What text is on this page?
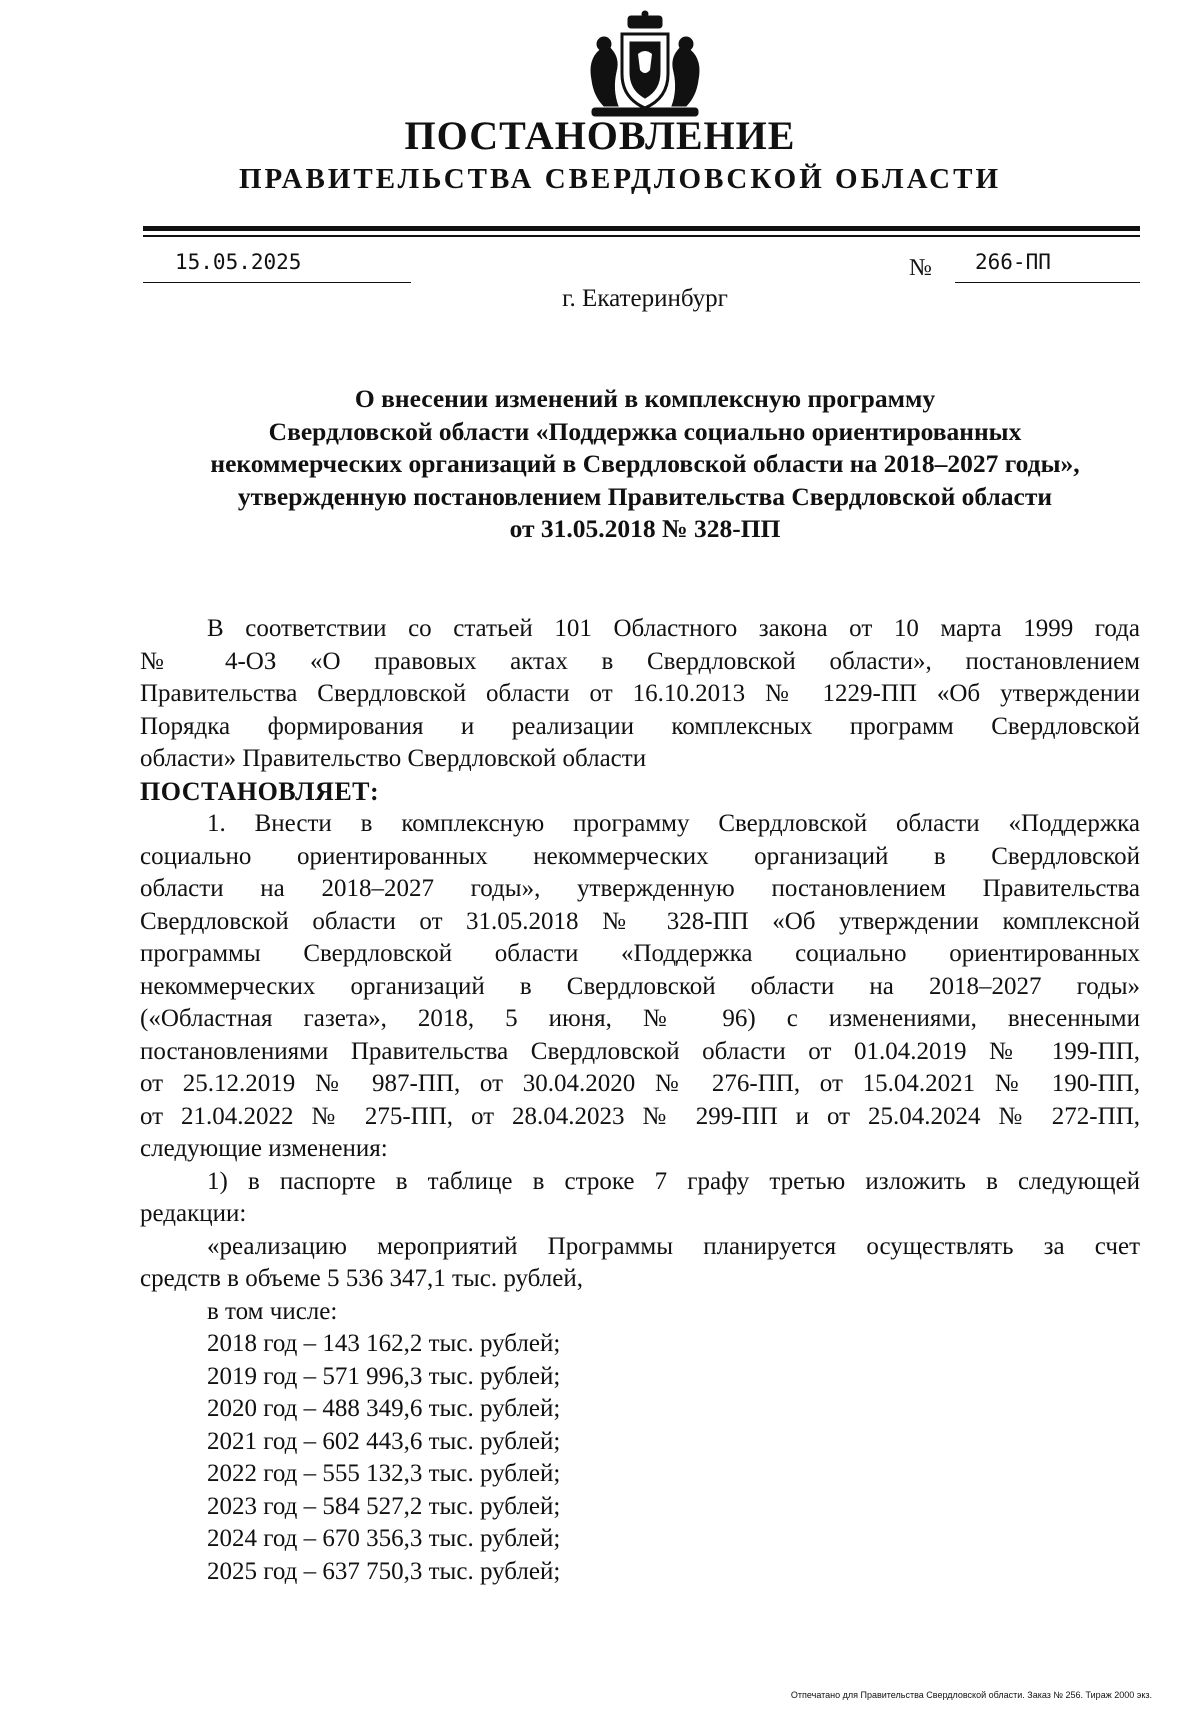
ПОСТАНОВЛЕНИЕ
ПРАВИТЕЛЬСТВА СВЕРДЛОВСКОЙ ОБЛАСТИ
15.05.2025	№ 266-ПП
г. Екатеринбург
О внесении изменений в комплексную программу
Свердловской области «Поддержка социально ориентированных
некоммерческих организаций в Свердловской области на 2018–2027 годы»,
утвержденную постановлением Правительства Свердловской области
от 31.05.2018 № 328-ПП
В соответствии со статьей 101 Областного закона от 10 марта 1999 года
№ 4-ОЗ «О правовых актах в Свердловской области», постановлением
Правительства Свердловской области от 16.10.2013 № 1229-ПП «Об утверждении
Порядка формирования и реализации комплексных программ Свердловской
области» Правительство Свердловской области
ПОСТАНОВЛЯЕТ:
1. Внести в комплексную программу Свердловской области «Поддержка
социально ориентированных некоммерческих организаций в Свердловской
области на 2018–2027 годы», утвержденную постановлением Правительства
Свердловской области от 31.05.2018 № 328-ПП «Об утверждении комплексной
программы Свердловской области «Поддержка социально ориентированных
некоммерческих организаций в Свердловской области на 2018–2027 годы»
(«Областная газета», 2018, 5 июня, № 96) с изменениями, внесенными
постановлениями Правительства Свердловской области от 01.04.2019 № 199-ПП,
от 25.12.2019 № 987-ПП, от 30.04.2020 № 276-ПП, от 15.04.2021 № 190-ПП,
от 21.04.2022 № 275-ПП, от 28.04.2023 № 299-ПП и от 25.04.2024 № 272-ПП,
следующие изменения:
1) в паспорте в таблице в строке 7 графу третью изложить в следующей
редакции:
«реализацию мероприятий Программы планируется осуществлять за счет
средств в объеме 5 536 347,1 тыс. рублей,
в том числе:
2018 год – 143 162,2 тыс. рублей;
2019 год – 571 996,3 тыс. рублей;
2020 год – 488 349,6 тыс. рублей;
2021 год – 602 443,6 тыс. рублей;
2022 год – 555 132,3 тыс. рублей;
2023 год – 584 527,2 тыс. рублей;
2024 год – 670 356,3 тыс. рублей;
2025 год – 637 750,3 тыс. рублей;
Отпечатано для Правительства Свердловской области. Заказ № 256. Тираж 2000 экз.
